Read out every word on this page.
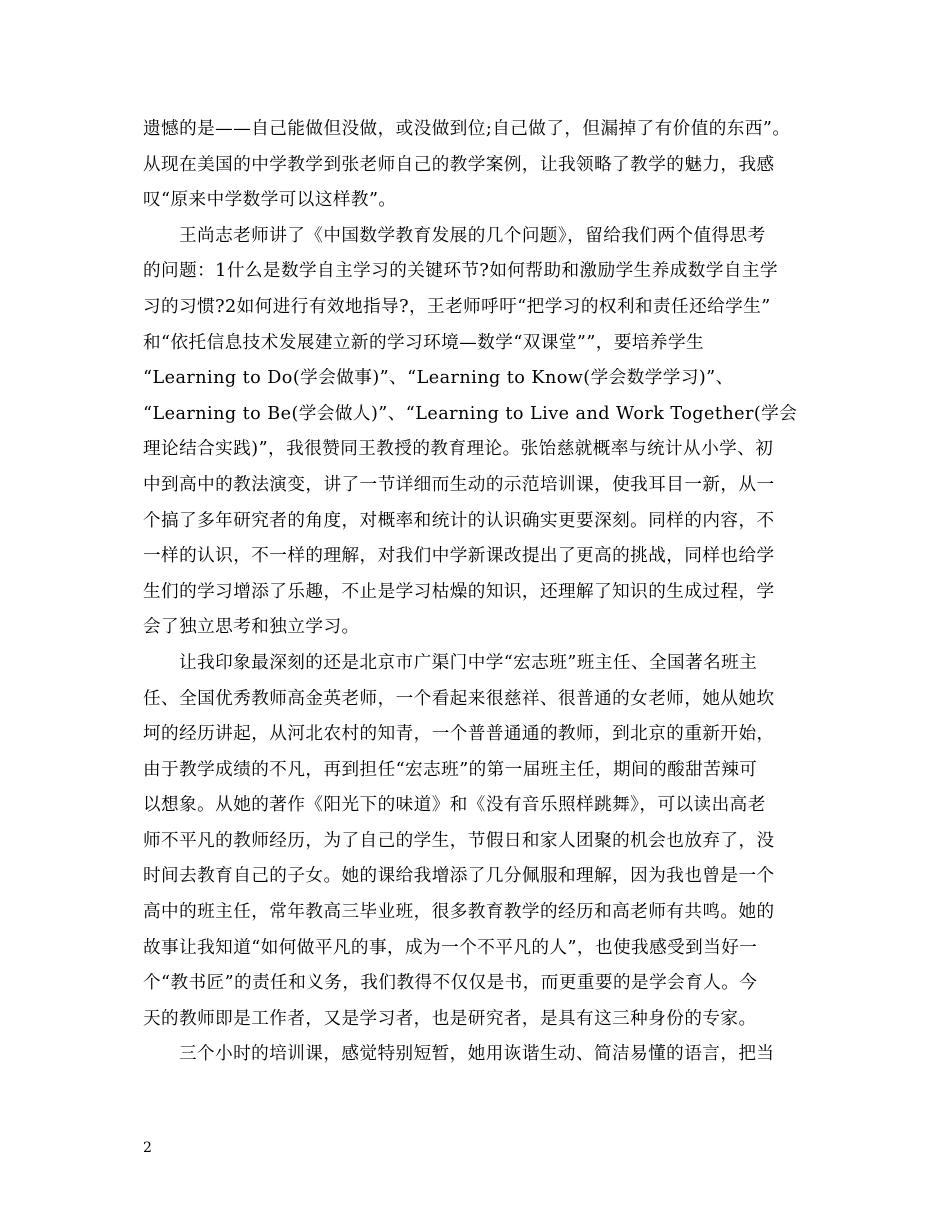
遗憾的是——自己能做但没做，或没做到位;自己做了，但漏掉了有价值的东西”。
从现在美国的中学教学到张老师自己的教学案例，让我领略了教学的魅力，我感
叹“原来中学数学可以这样教”。
王尚志老师讲了《中国数学教育发展的几个问题》，留给我们两个值得思考
的问题：1什么是数学自主学习的关键环节?如何帮助和激励学生养成数学自主学
习的习惯?2如何进行有效地指导?，王老师呼吁“把学习的权利和责任还给学生”
和“依托信息技术发展建立新的学习环境—数学“双课堂””，要培养学生
“Learning to Do(学会做事)”、“Learning to Know(学会数学学习)”、
“Learning to Be(学会做人)”、“Learning to Live and Work Together(学会
理论结合实践)”，我很赞同王教授的教育理论。张饴慈就概率与统计从小学、初
中到高中的教法演变，讲了一节详细而生动的示范培训课，使我耳目一新，从一
个搞了多年研究者的角度，对概率和统计的认识确实更要深刻。同样的内容，不
一样的认识，不一样的理解，对我们中学新课改提出了更高的挑战，同样也给学
生们的学习增添了乐趣，不止是学习枯燥的知识，还理解了知识的生成过程，学
会了独立思考和独立学习。
让我印象最深刻的还是北京市广渠门中学“宏志班”班主任、全国著名班主
任、全国优秀教师高金英老师，一个看起来很慈祥、很普通的女老师，她从她坎
坷的经历讲起，从河北农村的知青，一个普普通通的教师，到北京的重新开始，
由于教学成绩的不凡，再到担任“宏志班”的第一届班主任，期间的酸甜苦辣可
以想象。从她的著作《阳光下的味道》和《没有音乐照样跳舞》，可以读出高老
师不平凡的教师经历，为了自己的学生，节假日和家人团聚的机会也放弃了，没
时间去教育自己的子女。她的课给我增添了几分佩服和理解，因为我也曾是一个
高中的班主任，常年教高三毕业班，很多教育教学的经历和高老师有共鸣。她的
故事让我知道“如何做平凡的事，成为一个不平凡的人”，也使我感受到当好一
个“教书匠”的责任和义务，我们教得不仅仅是书，而更重要的是学会育人。今
天的教师即是工作者，又是学习者，也是研究者，是具有这三种身份的专家。
三个小时的培训课，感觉特别短暂，她用诙谐生动、简洁易懂的语言，把当
2
